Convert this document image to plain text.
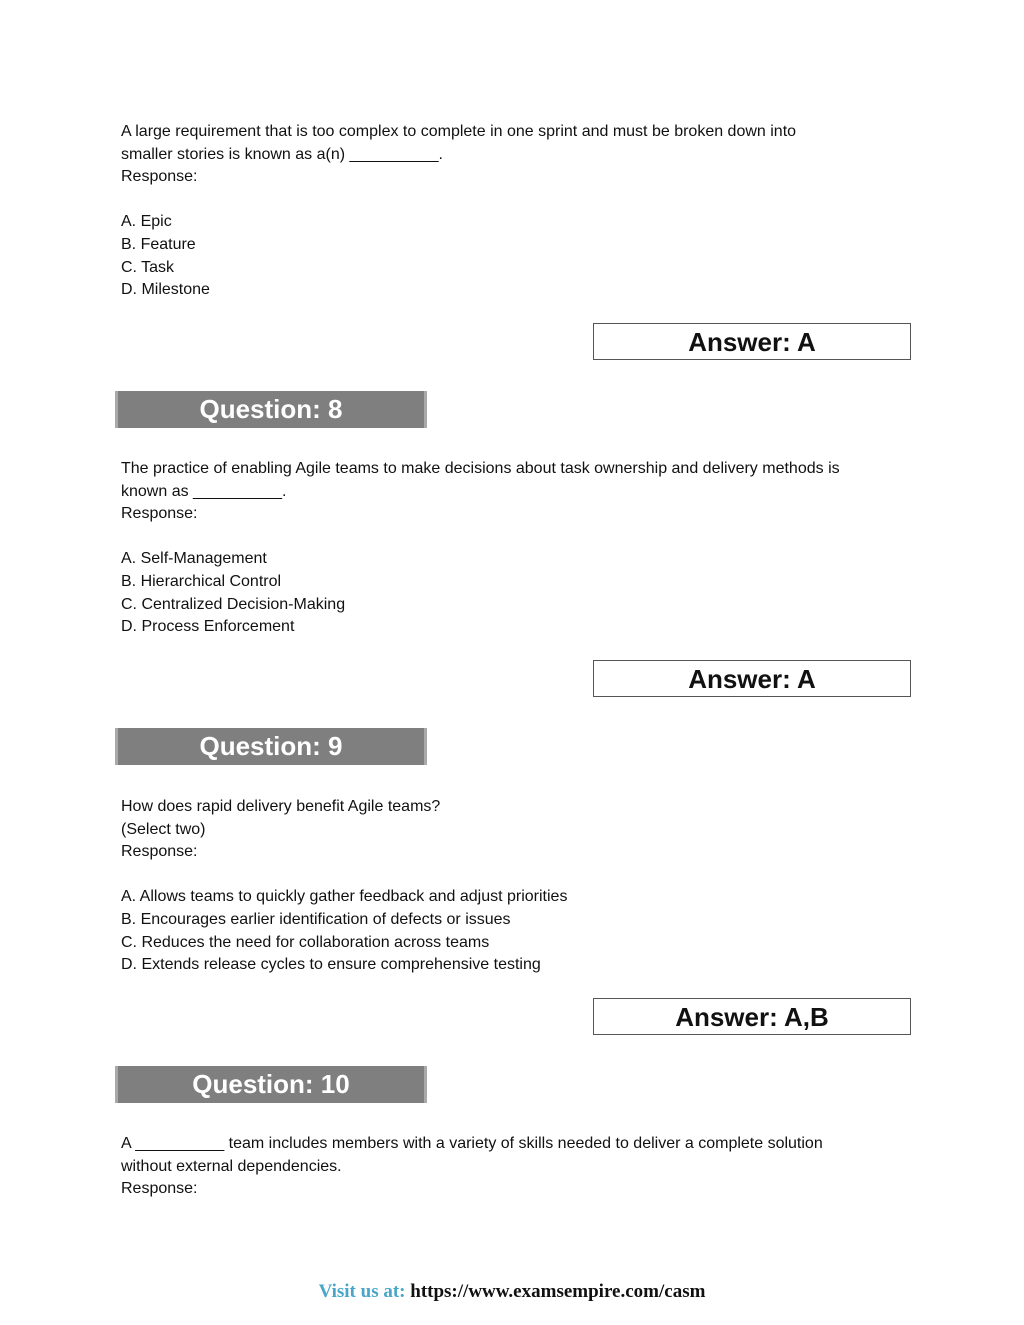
A large requirement that is too complex to complete in one sprint and must be broken down into

smaller stories is known as a(n) __________.

Response:

A. Epic

B. Feature

C. Task

D. Milestone

Answer: A
Question: 8

The practice of enabling Agile teams to make decisions about task ownership and delivery methods is

known as __________.

Response:

A. Self-Management

B. Hierarchical Control

C. Centralized Decision-Making

D. Process Enforcement

Answer: A
Question: 9

How does rapid delivery benefit Agile teams?

(Select two)

Response:

A. Allows teams to quickly gather feedback and adjust priorities

B. Encourages earlier identification of defects or issues

C. Reduces the need for collaboration across teams

D. Extends release cycles to ensure comprehensive testing

Answer: A,B
Question: 10

A __________ team includes members with a variety of skills needed to deliver a complete solution

without external dependencies.

Response:

Visit us at: https://www.examsempire.com/casm
